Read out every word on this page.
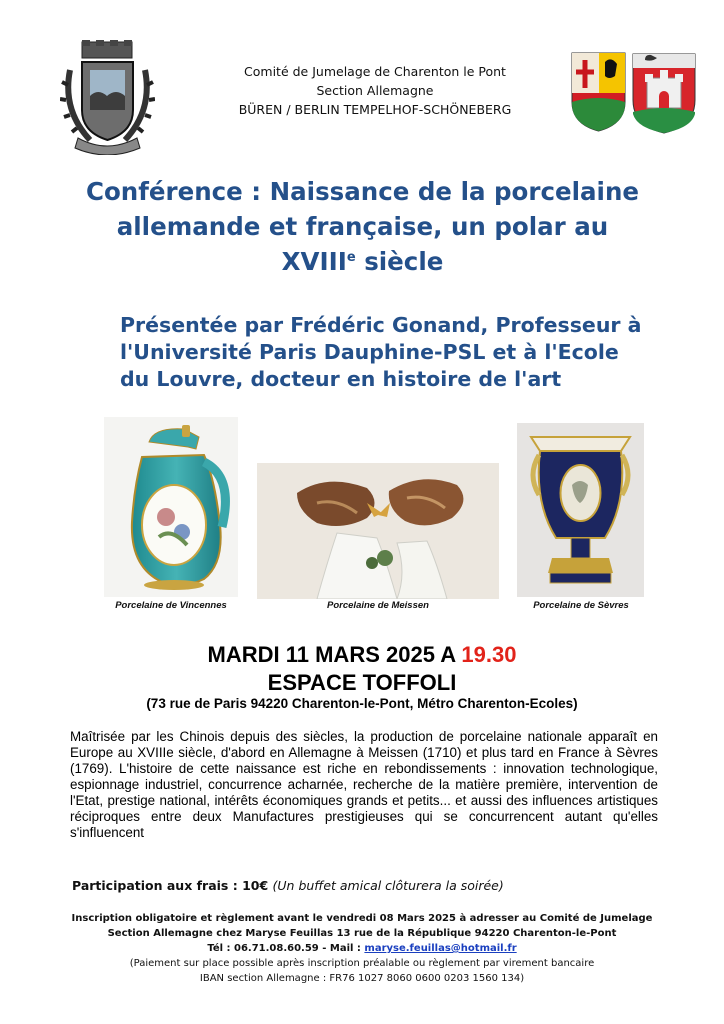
Comité de Jumelage de Charenton le Pont
Section Allemagne
BÜREN / BERLIN TEMPELHOF-SCHÖNEBERG
Conférence : Naissance de la porcelaine
allemande et française, un polar au
XVIIIe siècle
Présentée par Frédéric Gonand, Professeur à
l'Université Paris Dauphine-PSL et à l'Ecole
du Louvre, docteur en histoire de l'art
Porcelaine de Vincennes	Porcelaine de Meissen	Porcelaine de Sèvres
MARDI 11 MARS 2025 A 19.30
ESPACE TOFFOLI
(73 rue de Paris 94220 Charenton-le-Pont, Métro Charenton-Ecoles)
Maîtrisée par les Chinois depuis des siècles, la production de porcelaine nationale apparaît en Europe au XVIIIe siècle, d'abord en Allemagne à Meissen (1710) et plus tard en France à Sèvres (1769). L'histoire de cette naissance est riche en rebondissements : innovation technologique, espionnage industriel, concurrence acharnée, recherche de la matière première, intervention de l'Etat, prestige national, intérêts économiques grands et petits... et aussi des influences artistiques réciproques entre deux Manufactures prestigieuses qui se concurrencent autant qu'elles s'influencent
Participation aux frais : 10€ (Un buffet amical clôturera la soirée)
Inscription obligatoire et règlement avant le vendredi 08 Mars 2025 à adresser au Comité de Jumelage
Section Allemagne chez Maryse Feuillas 13 rue de la République 94220 Charenton-le-Pont
Tél : 06.71.08.60.59 - Mail : maryse.feuillas@hotmail.fr
(Paiement sur place possible après inscription préalable ou règlement par virement bancaire
IBAN section Allemagne : FR76 1027 8060 0600 0203 1560 134)
